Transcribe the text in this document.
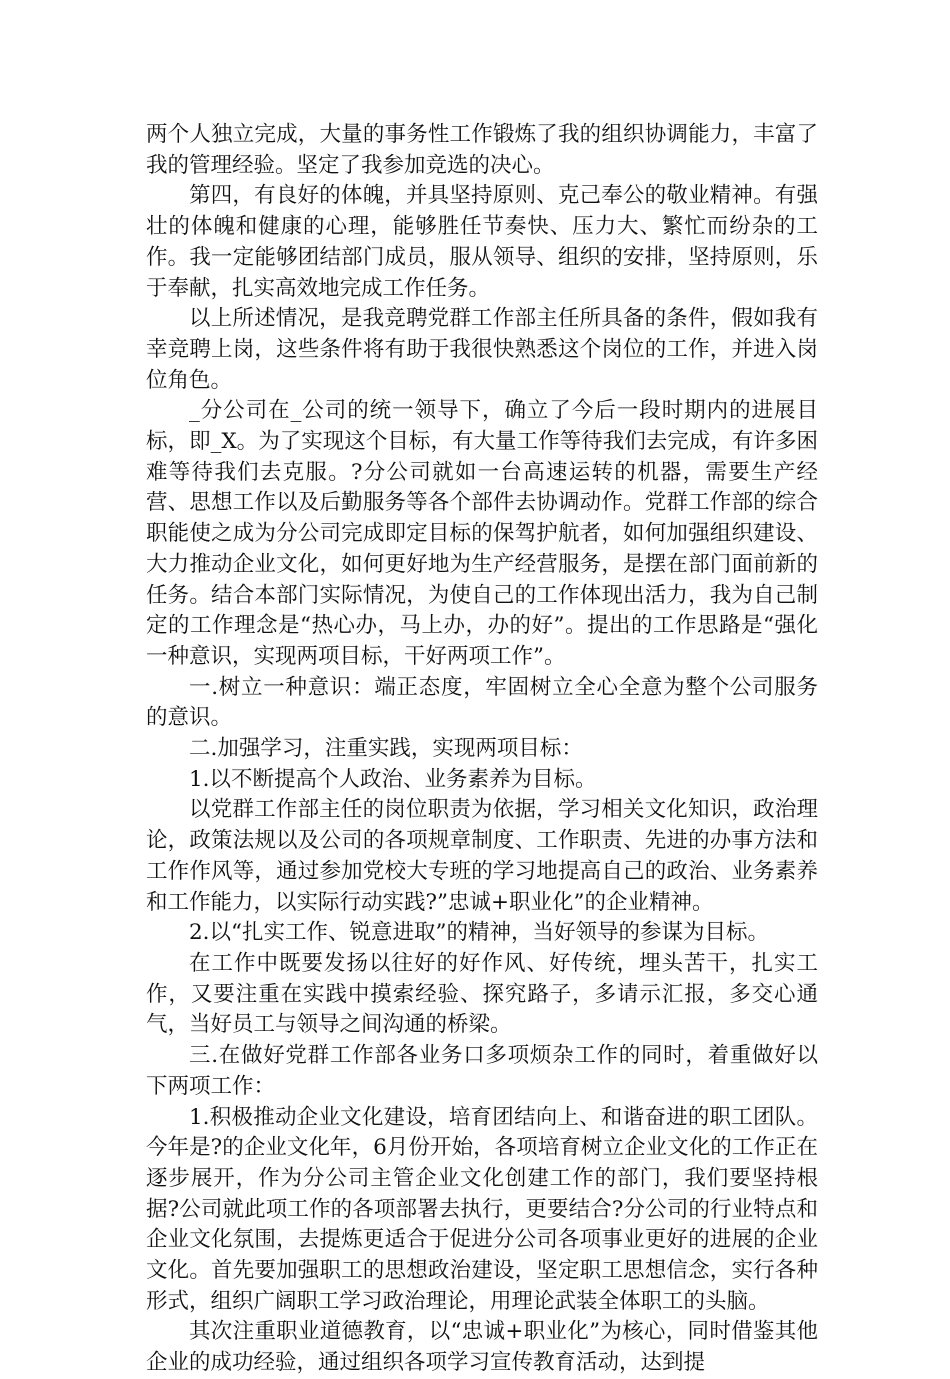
两个人独立完成，大量的事务性工作锻炼了我的组织协调能力，丰富了我的管理经验。坚定了我参加竞选的决心。

第四，有良好的体魄，并具坚持原则、克己奉公的敬业精神。有强壮的体魄和健康的心理，能够胜任节奏快、压力大、繁忙而纷杂的工作。我一定能够团结部门成员，服从领导、组织的安排，坚持原则，乐于奉献，扎实高效地完成工作任务。

以上所述情况，是我竞聘党群工作部主任所具备的条件，假如我有幸竞聘上岗，这些条件将有助于我很快熟悉这个岗位的工作，并进入岗位角色。

_分公司在_公司的统一领导下，确立了今后一段时期内的进展目标，即_X。为了实现这个目标，有大量工作等待我们去完成，有许多困难等待我们去克服。?分公司就如一台高速运转的机器，需要生产经营、思想工作以及后勤服务等各个部件去协调动作。党群工作部的综合职能使之成为分公司完成即定目标的保驾护航者，如何加强组织建设、大力推动企业文化，如何更好地为生产经营服务，是摆在部门面前新的任务。结合本部门实际情况，为使自己的工作体现出活力，我为自己制定的工作理念是“热心办，马上办，办的好”。提出的工作思路是“强化一种意识，实现两项目标，干好两项工作”。

一.树立一种意识：端正态度，牢固树立全心全意为整个公司服务的意识。

二.加强学习，注重实践，实现两项目标：

1.以不断提高个人政治、业务素养为目标。

以党群工作部主任的岗位职责为依据，学习相关文化知识，政治理论，政策法规以及公司的各项规章制度、工作职责、先进的办事方法和工作作风等，通过参加党校大专班的学习地提高自己的政治、业务素养和工作能力，以实际行动实践?”忠诚+职业化”的企业精神。

2.以“扎实工作、锐意进取”的精神，当好领导的参谋为目标。

在工作中既要发扬以往好的好作风、好传统，埋头苦干，扎实工作，又要注重在实践中摸索经验、探究路子，多请示汇报，多交心通气，当好员工与领导之间沟通的桥梁。

三.在做好党群工作部各业务口多项烦杂工作的同时，着重做好以下两项工作：

1.积极推动企业文化建设，培育团结向上、和谐奋进的职工团队。今年是?的企业文化年，6月份开始，各项培育树立企业文化的工作正在逐步展开，作为分公司主管企业文化创建工作的部门，我们要坚持根据?公司就此项工作的各项部署去执行，更要结合?分公司的行业特点和企业文化氛围，去提炼更适合于促进分公司各项事业更好的进展的企业文化。首先要加强职工的思想政治建设，坚定职工思想信念，实行各种形式，组织广阔职工学习政治理论，用理论武装全体职工的头脑。

其次注重职业道德教育，以“忠诚+职业化”为核心，同时借鉴其他企业的成功经验，通过组织各项学习宣传教育活动，达到提
